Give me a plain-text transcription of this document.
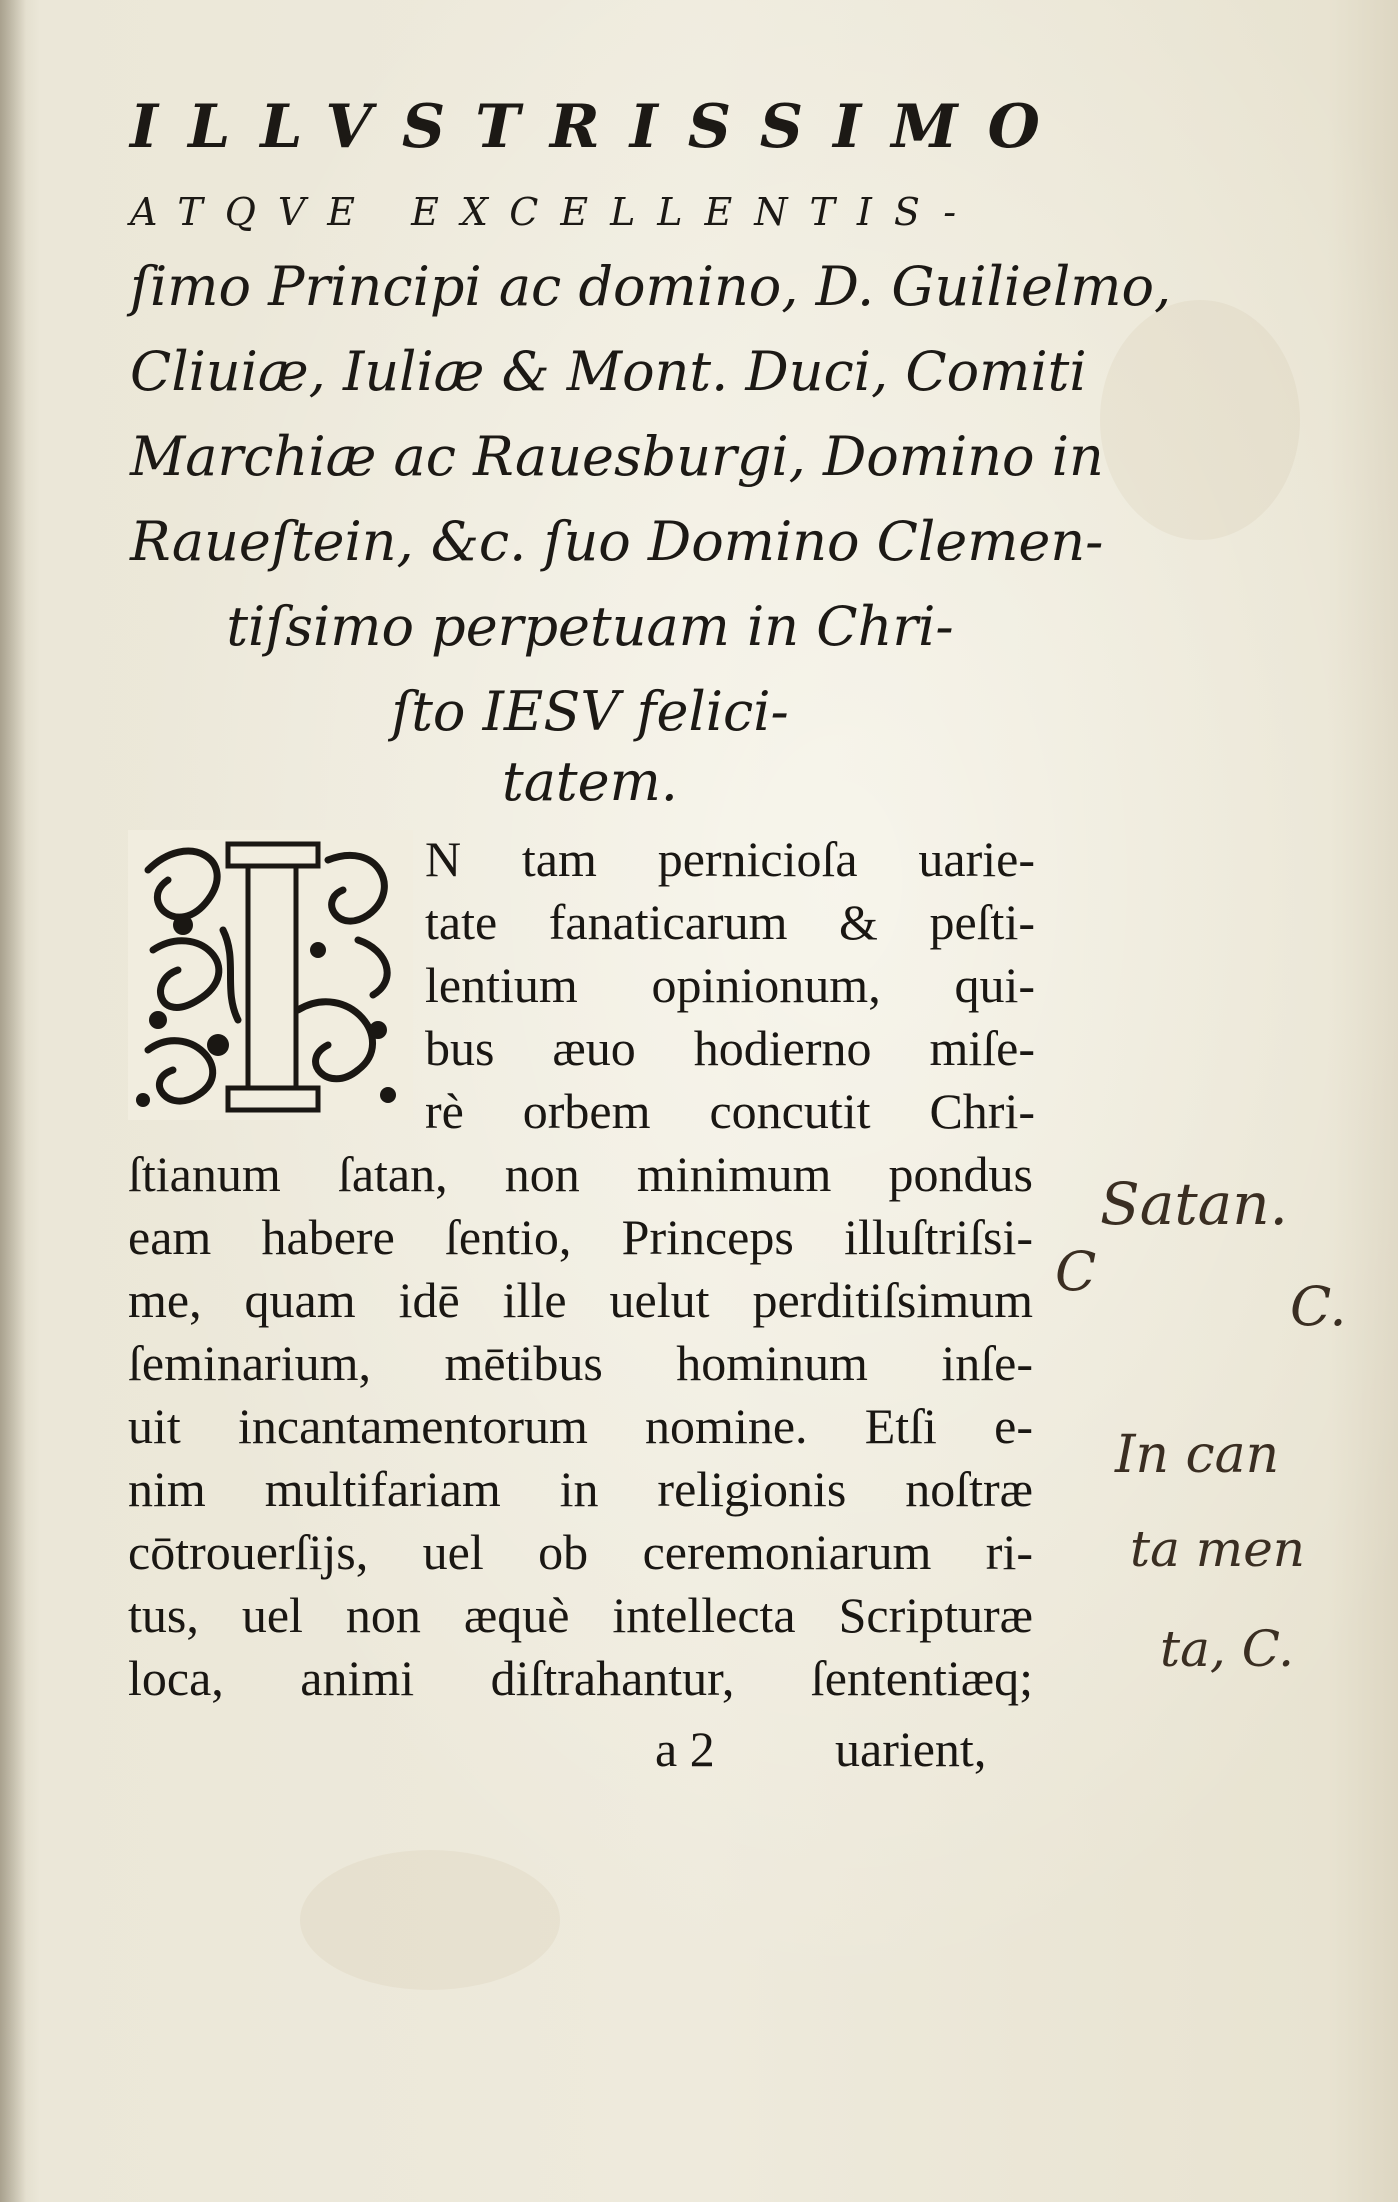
ILLVSTRISSIMO

ATQVE EXCELLENTIS-

ſimo Principi ac domino, D. Guilielmo,

Cliuiæ, Iuliæ & Mont. Duci, Comiti

Marchiæ ac Rauesburgi, Domino in

Raueſtein, &c. ſuo Domino Clemen-

tiſsimo perpetuam in Chri-

ſto IESV felici-

tatem.

N tam pernicioſa uarie-

tate fanaticarum & peſti-

lentium opinionum, qui-

bus æuo hodierno miſe-

rè orbem concutit Chri-

ſtianum ſatan, non minimum pondus

eam habere ſentio, Princeps illuſtriſsi-

me, quam idē ille uelut perditiſsimum

ſeminarium, mētibus hominum inſe-

uit incantamentorum nomine. Etſi e-

nim multifariam in religionis noſtræ

cōtrouerſijs, uel ob ceremoniarum ri-

tus, uel non æquè intellecta Scripturæ

loca, animi diſtrahantur, ſententiæq;

a 2 uarient,

Satan.

C

C.

In can

ta men

ta, C.
